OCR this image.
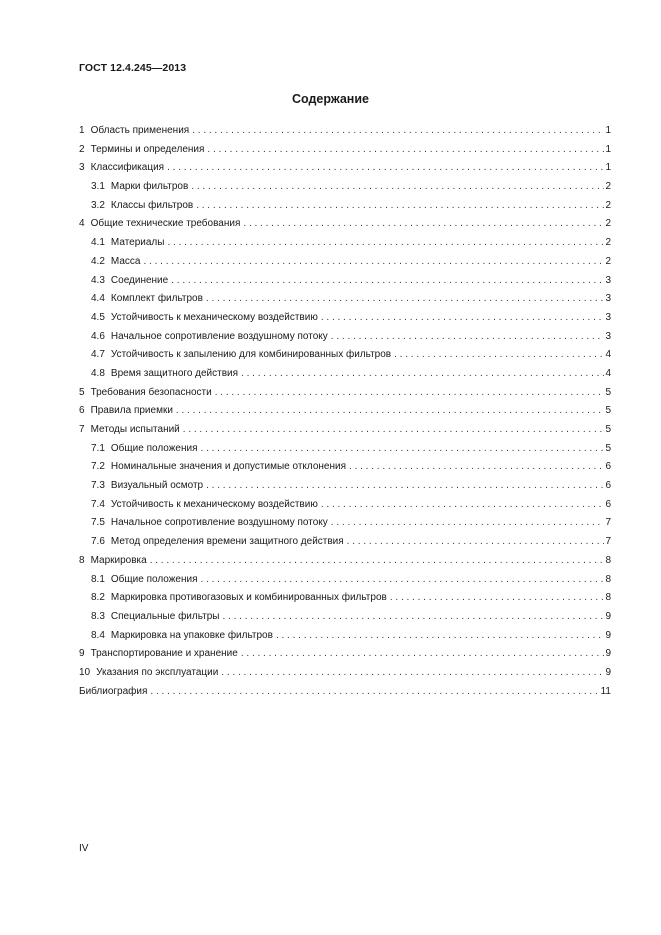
ГОСТ 12.4.245—2013
Содержание
1 Область применения . . .	1
2 Термины и определения . . .	1
3 Классификация . . .	1
3.1 Марки фильтров . . .	2
3.2 Классы фильтров . . .	2
4 Общие технические требования . . .	2
4.1 Материалы . . .	2
4.2 Масса . . .	2
4.3 Соединение . . .	3
4.4 Комплект фильтров . . .	3
4.5 Устойчивость к механическому воздействию . . .	3
4.6 Начальное сопротивление воздушному потоку . . .	3
4.7 Устойчивость к запылению для комбинированных фильтров . . .	4
4.8 Время защитного действия . . .	4
5 Требования безопасности . . .	5
6 Правила приемки . . .	5
7 Методы испытаний . . .	5
7.1 Общие положения . . .	5
7.2 Номинальные значения и допустимые отклонения . . .	6
7.3 Визуальный осмотр . . .	6
7.4 Устойчивость к механическому воздействию . . .	6
7.5 Начальное сопротивление воздушному потоку . . .	7
7.6 Метод определения времени защитного действия . . .	7
8 Маркировка . . .	8
8.1 Общие положения . . .	8
8.2 Маркировка противогазовых и комбинированных фильтров . . .	8
8.3 Специальные фильтры . . .	9
8.4 Маркировка на упаковке фильтров . . .	9
9 Транспортирование и хранение . . .	9
10 Указания по эксплуатации . . .	9
Библиография . . .	11
IV
